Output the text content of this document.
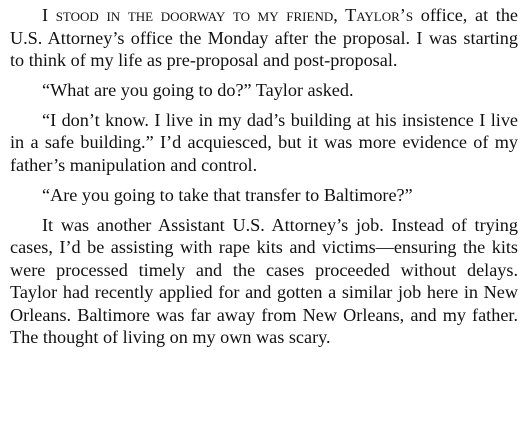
I stood in the doorway to my friend, Taylor’s office, at the U.S. Attorney’s office the Monday after the proposal. I was starting to think of my life as pre-proposal and post-proposal.

“What are you going to do?” Taylor asked.

“I don’t know. I live in my dad’s building at his insistence I live in a safe building.” I’d acquiesced, but it was more evidence of my father’s manipulation and control.

“Are you going to take that transfer to Baltimore?”

It was another Assistant U.S. Attorney’s job. Instead of trying cases, I’d be assisting with rape kits and victims—ensuring the kits were processed timely and the cases proceeded without delays. Taylor had recently applied for and gotten a similar job here in New Orleans. Baltimore was far away from New Orleans, and my father. The thought of living on my own was scary.
